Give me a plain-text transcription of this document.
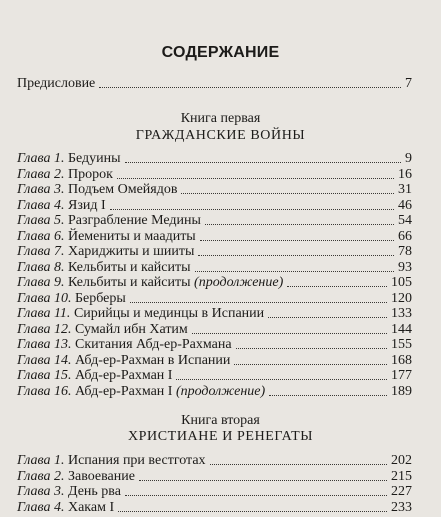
СОДЕРЖАНИЕ
Предисловие	7
Книга первая
ГРАЖДАНСКИЕ ВОЙНЫ
Глава 1. Бедуины	9
Глава 2. Пророк	16
Глава 3. Подъем Омейядов	31
Глава 4. Язид I	46
Глава 5. Разграбление Медины	54
Глава 6. Йемениты и маадиты	66
Глава 7. Хариджиты и шииты	78
Глава 8. Кельбиты и кайситы	93
Глава 9. Кельбиты и кайситы (продолжение)	105
Глава 10. Берберы	120
Глава 11. Сирийцы и мединцы в Испании	133
Глава 12. Сумайл ибн Хатим	144
Глава 13. Скитания Абд-ер-Рахмана	155
Глава 14. Абд-ер-Рахман в Испании	168
Глава 15. Абд-ер-Рахман I	177
Глава 16. Абд-ер-Рахман I (продолжение)	189
Книга вторая
ХРИСТИАНЕ И РЕНЕГАТЫ
Глава 1. Испания при вестготах	202
Глава 2. Завоевание	215
Глава 3. День рва	227
Глава 4. Хакам I	233
